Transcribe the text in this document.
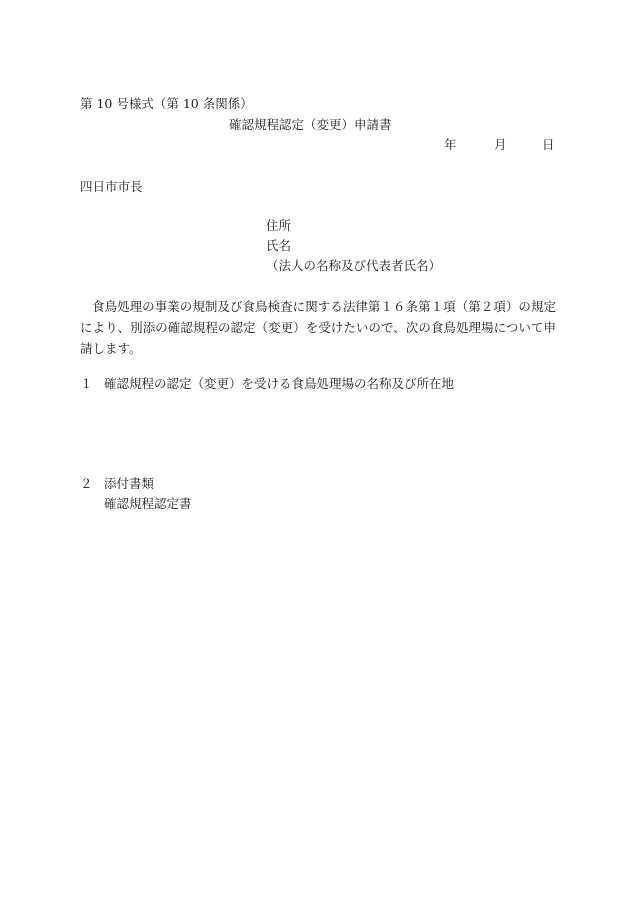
第 10 号様式（第 10 条関係）
確認規程認定（変更）申請書
年	月	日
四日市市長
住所
氏名
（法人の名称及び代表者氏名）
食鳥処理の事業の規制及び食鳥検査に関する法律第１６条第１項（第２項）の規定により、別添の確認規程の認定（変更）を受けたいので、次の食鳥処理場について申請します。
１ 確認規程の認定（変更）を受ける食鳥処理場の名称及び所在地
２ 添付書類
確認規程認定書
